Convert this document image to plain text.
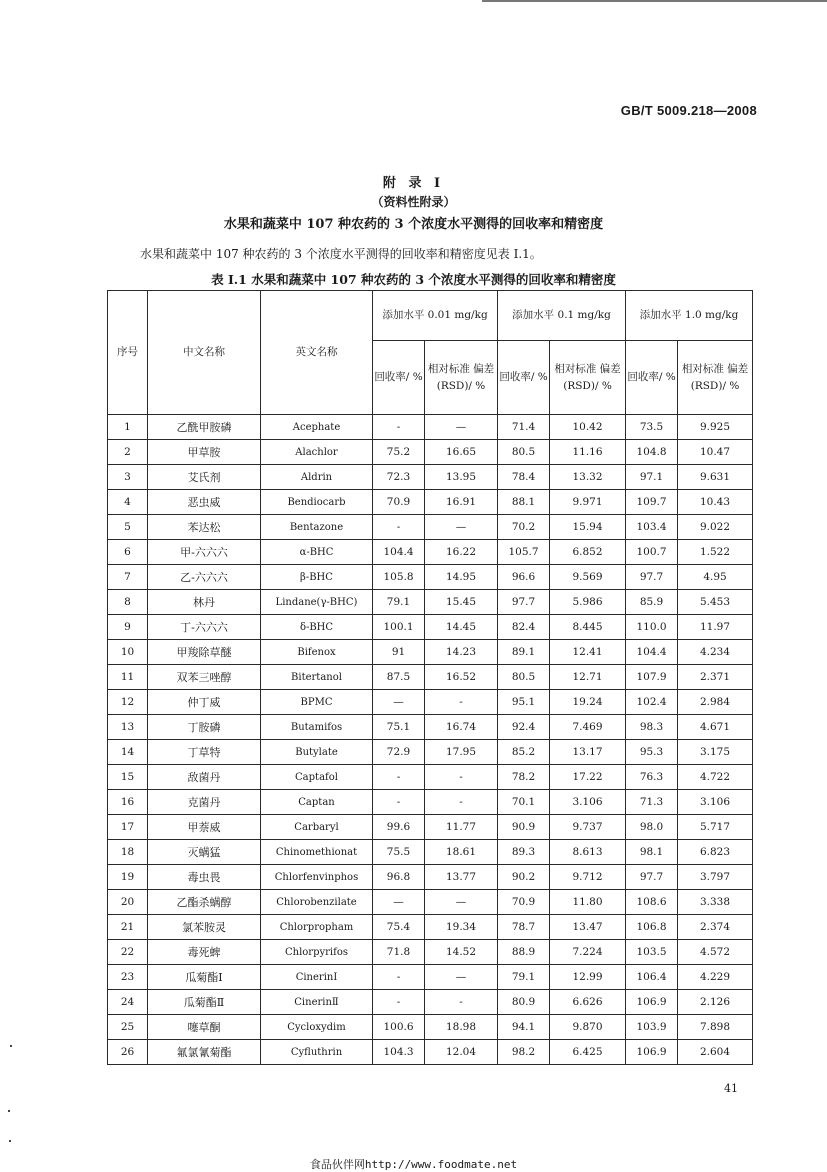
GB/T 5009.218—2008
附 录 I
（资料性附录）
水果和蔬菜中 107 种农药的 3 个浓度水平测得的回收率和精密度
水果和蔬菜中 107 种农药的 3 个浓度水平测得的回收率和精密度见表 I.1。
表 I.1 水果和蔬菜中 107 种农药的 3 个浓度水平测得的回收率和精密度
序号	中文名称	英文名称	添加水平 0.01 mg/kg		添加水平 0.1 mg/kg		添加水平 1.0 mg/kg	
			回收率/ %	相对标准 偏差(RSD)/ %	回收率/ %	相对标准 偏差(RSD)/ %	回收率/ %	相对标准 偏差(RSD)/ %
1	乙酰甲胺磷	Acephate	-	—	71.4	10.42	73.5	9.925
2	甲草胺	Alachlor	75.2	16.65	80.5	11.16	104.8	10.47
3	艾氏剂	Aldrin	72.3	13.95	78.4	13.32	97.1	9.631
4	恶虫威	Bendiocarb	70.9	16.91	88.1	9.971	109.7	10.43
5	苯达松	Bentazone	-	—	70.2	15.94	103.4	9.022
6	甲-六六六	α-BHC	104.4	16.22	105.7	6.852	100.7	1.522
7	乙-六六六	β-BHC	105.8	14.95	96.6	9.569	97.7	4.95
8	林丹	Lindane(γ-BHC)	79.1	15.45	97.7	5.986	85.9	5.453
9	丁-六六六	δ-BHC	100.1	14.45	82.4	8.445	110.0	11.97
10	甲羧除草醚	Bifenox	91	14.23	89.1	12.41	104.4	4.234
11	双苯三唑醇	Bitertanol	87.5	16.52	80.5	12.71	107.9	2.371
12	仲丁威	BPMC	—	-	95.1	19.24	102.4	2.984
13	丁胺磷	Butamifos	75.1	16.74	92.4	7.469	98.3	4.671
14	丁草特	Butylate	72.9	17.95	85.2	13.17	95.3	3.175
15	敌菌丹	Captafol	-	-	78.2	17.22	76.3	4.722
16	克菌丹	Captan	-	-	70.1	3.106	71.3	3.106
17	甲萘威	Carbaryl	99.6	11.77	90.9	9.737	98.0	5.717
18	灭螨猛	Chinomethionat	75.5	18.61	89.3	8.613	98.1	6.823
19	毒虫畏	Chlorfenvinphos	96.8	13.77	90.2	9.712	97.7	3.797
20	乙酯杀螨醇	Chlorobenzilate	—	—	70.9	11.80	108.6	3.338
21	氯苯胺灵	Chlorpropham	75.4	19.34	78.7	13.47	106.8	2.374
22	毒死蜱	Chlorpyrifos	71.8	14.52	88.9	7.224	103.5	4.572
23	瓜菊酯Ⅰ	CinerinⅠ	-	—	79.1	12.99	106.4	4.229
24	瓜菊酯Ⅱ	CinerinⅡ	-	-	80.9	6.626	106.9	2.126
25	噻草酮	Cycloxydim	100.6	18.98	94.1	9.870	103.9	7.898
26	氟氯氰菊酯	Cyfluthrin	104.3	12.04	98.2	6.425	106.9	2.604
41
食品伙伴网http://www.foodmate.net
